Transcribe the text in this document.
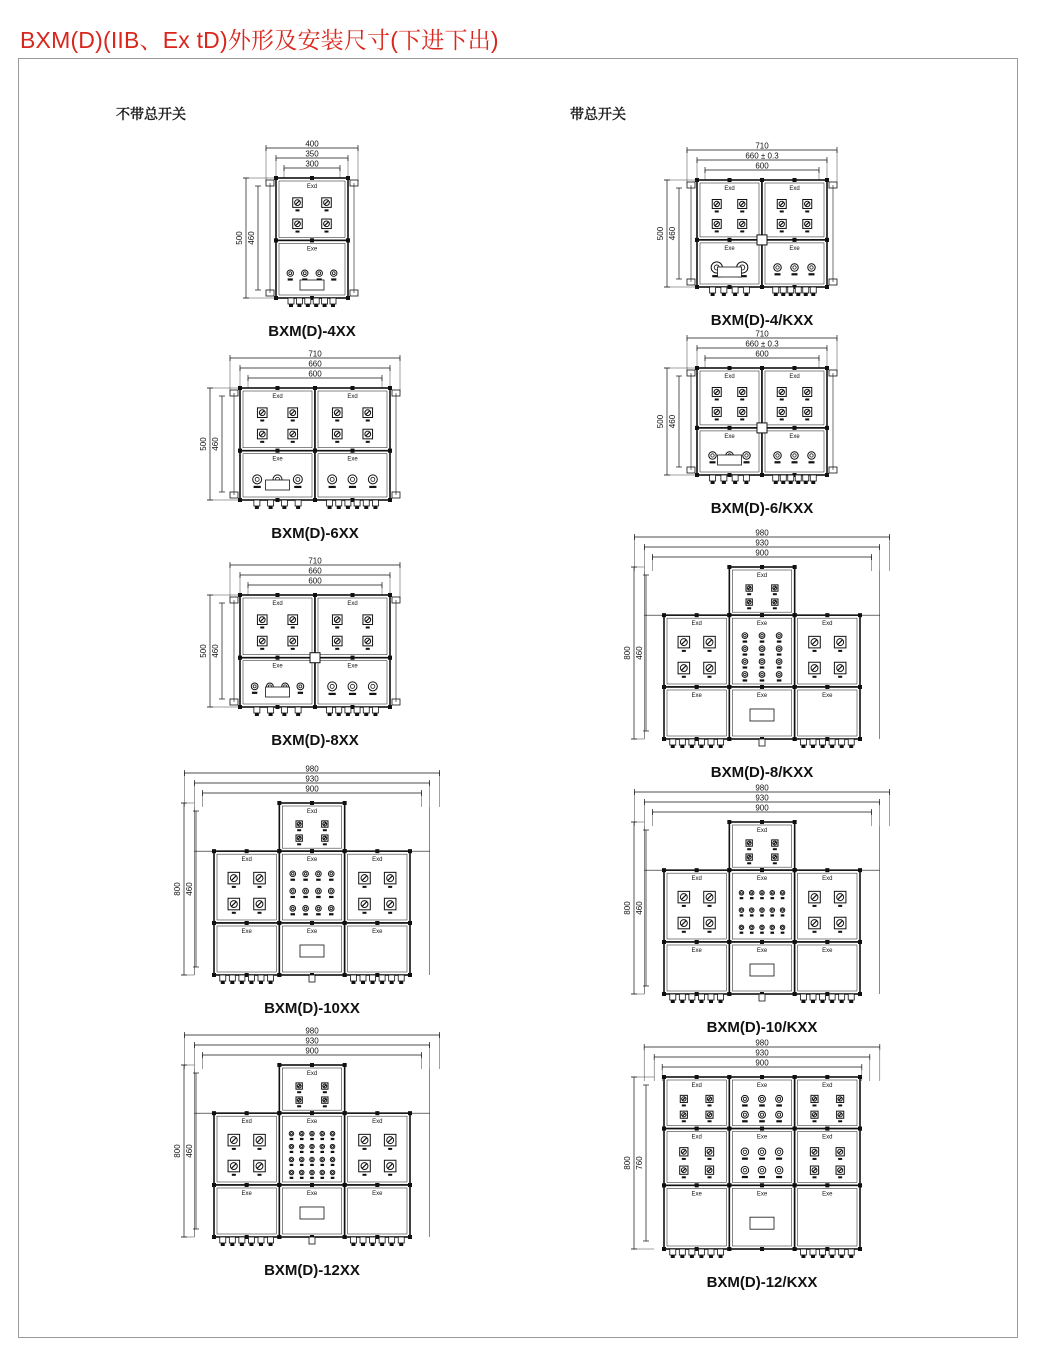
BXM(D)(IIB、Ex tD)外形及安装尺寸(下进下出)
不带总开关	带总开关
400
350
300
500 460
Exd
Exe
BXM(D)-4XX
710
660
600
500 460
Exd	Exd
Exe	Exe
BXM(D)-6XX
710
660
600
500 460
Exd	Exd
Exe	Exe
BXM(D)-8XX
980
930
900
800 460
Exd
Exd	Exe	Exd
Exe	Exe	Exe
BXM(D)-10XX
980
930
900
800 460
Exd
Exd	Exe	Exd
Exe	Exe	Exe
BXM(D)-12XX
710
660 ± 0.3
600
500 460
Exd	Exd
Exe	Exe
BXM(D)-4/KXX
710
660 ± 0.3
600
500 460
Exd	Exd
Exe	Exe
BXM(D)-6/KXX
980
930
900
800 460
Exd
Exd	Exe	Exd
Exe	Exe	Exe
BXM(D)-8/KXX
980
930
900
800 460
Exd
Exd	Exe	Exd
Exe	Exe	Exe
BXM(D)-10/KXX
980
930
900
800 760
Exd	Exe	Exd
Exd	Exe	Exd
Exe	Exe	Exe
BXM(D)-12/KXX
